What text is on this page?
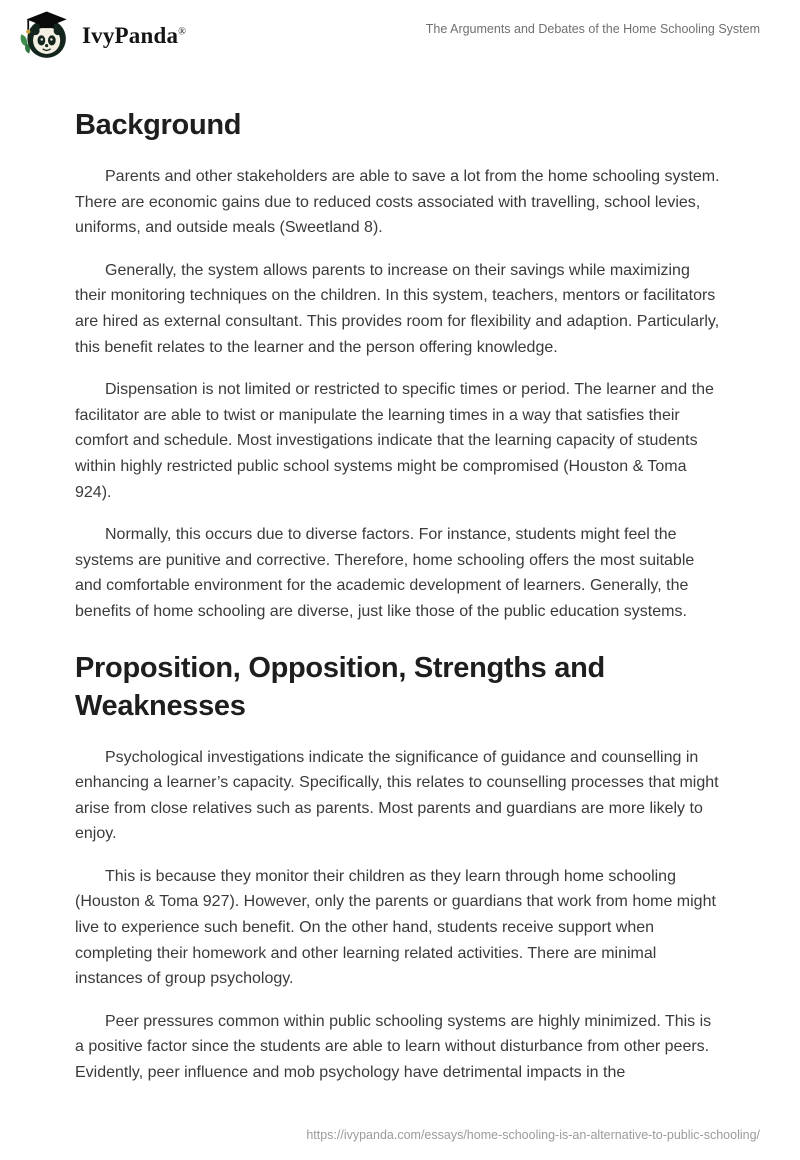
IvyPanda®	The Arguments and Debates of the Home Schooling System
Background

Parents and other stakeholders are able to save a lot from the home schooling system. There are economic gains due to reduced costs associated with travelling, school levies, uniforms, and outside meals (Sweetland 8).

Generally, the system allows parents to increase on their savings while maximizing their monitoring techniques on the children. In this system, teachers, mentors or facilitators are hired as external consultant. This provides room for flexibility and adaption. Particularly, this benefit relates to the learner and the person offering knowledge.

Dispensation is not limited or restricted to specific times or period. The learner and the facilitator are able to twist or manipulate the learning times in a way that satisfies their comfort and schedule. Most investigations indicate that the learning capacity of students within highly restricted public school systems might be compromised (Houston & Toma 924).

Normally, this occurs due to diverse factors. For instance, students might feel the systems are punitive and corrective. Therefore, home schooling offers the most suitable and comfortable environment for the academic development of learners. Generally, the benefits of home schooling are diverse, just like those of the public education systems.

Proposition, Opposition, Strengths and Weaknesses

Psychological investigations indicate the significance of guidance and counselling in enhancing a learner’s capacity. Specifically, this relates to counselling processes that might arise from close relatives such as parents. Most parents and guardians are more likely to enjoy.

This is because they monitor their children as they learn through home schooling (Houston & Toma 927). However, only the parents or guardians that work from home might live to experience such benefit. On the other hand, students receive support when completing their homework and other learning related activities. There are minimal instances of group psychology.

Peer pressures common within public schooling systems are highly minimized. This is a positive factor since the students are able to learn without disturbance from other peers. Evidently, peer influence and mob psychology have detrimental impacts in the

https://ivypanda.com/essays/home-schooling-is-an-alternative-to-public-schooling/
